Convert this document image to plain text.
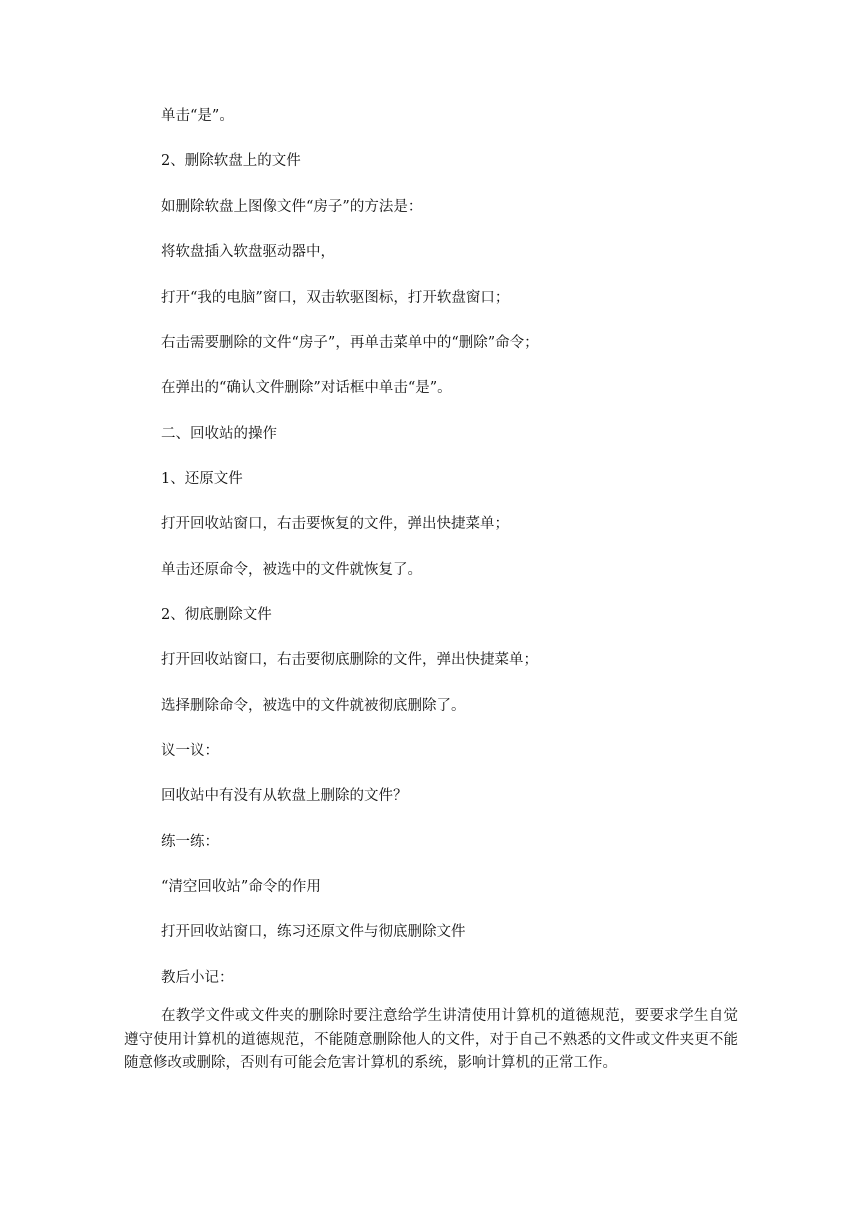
单击“是”。

2、删除软盘上的文件

如删除软盘上图像文件“房子”的方法是：

将软盘插入软盘驱动器中，

打开“我的电脑”窗口，双击软驱图标，打开软盘窗口；

右击需要删除的文件“房子”，再单击菜单中的“删除”命令；

在弹出的“确认文件删除”对话框中单击“是”。

二、回收站的操作

1、还原文件

打开回收站窗口，右击要恢复的文件，弹出快捷菜单；

单击还原命令，被选中的文件就恢复了。

2、彻底删除文件

打开回收站窗口，右击要彻底删除的文件，弹出快捷菜单；

选择删除命令，被选中的文件就被彻底删除了。

议一议：

回收站中有没有从软盘上删除的文件？

练一练：

“清空回收站”命令的作用

打开回收站窗口，练习还原文件与彻底删除文件

教后小记：

在教学文件或文件夹的删除时要注意给学生讲清使用计算机的道德规范，要要求学生自觉遵守使用计算机的道德规范，不能随意删除他人的文件，对于自己不熟悉的文件或文件夹更不能随意修改或删除，否则有可能会危害计算机的系统，影响计算机的正常工作。
